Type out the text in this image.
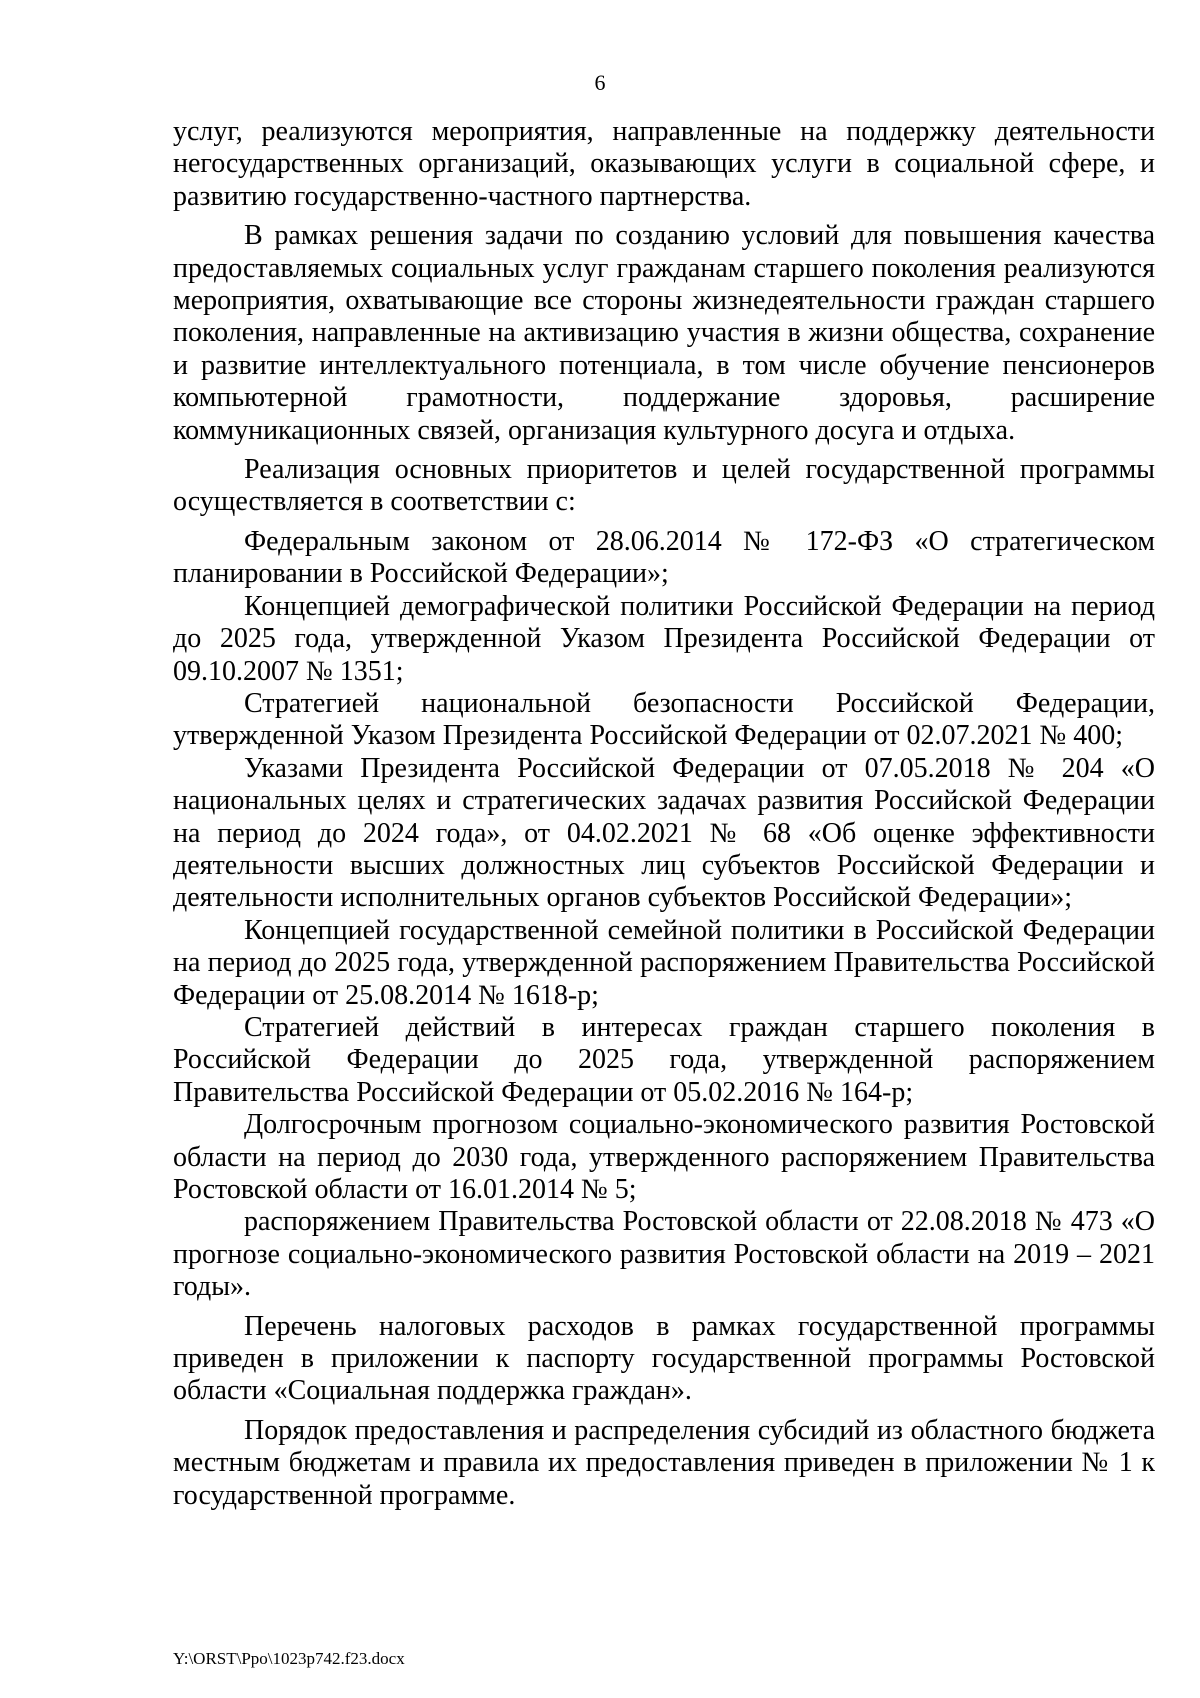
6

услуг, реализуются мероприятия, направленные на поддержку деятельности негосударственных организаций, оказывающих услуги в социальной сфере, и развитию государственно-частного партнерства.

В рамках решения задачи по созданию условий для повышения качества предоставляемых социальных услуг гражданам старшего поколения реализуются мероприятия, охватывающие все стороны жизнедеятельности граждан старшего поколения, направленные на активизацию участия в жизни общества, сохранение и развитие интеллектуального потенциала, в том числе обучение пенсионеров компьютерной грамотности, поддержание здоровья, расширение коммуникационных связей, организация культурного досуга и отдыха.

Реализация основных приоритетов и целей государственной программы осуществляется в соответствии с:

Федеральным законом от 28.06.2014 № 172-ФЗ «О стратегическом планировании в Российской Федерации»;

Концепцией демографической политики Российской Федерации на период до 2025 года, утвержденной Указом Президента Российской Федерации от 09.10.2007 № 1351;

Стратегией национальной безопасности Российской Федерации, утвержденной Указом Президента Российской Федерации от 02.07.2021 № 400;

Указами Президента Российской Федерации от 07.05.2018 № 204 «О национальных целях и стратегических задачах развития Российской Федерации на период до 2024 года», от 04.02.2021 № 68 «Об оценке эффективности деятельности высших должностных лиц субъектов Российской Федерации и деятельности исполнительных органов субъектов Российской Федерации»;

Концепцией государственной семейной политики в Российской Федерации на период до 2025 года, утвержденной распоряжением Правительства Российской Федерации от 25.08.2014 № 1618-р;

Стратегией действий в интересах граждан старшего поколения в Российской Федерации до 2025 года, утвержденной распоряжением Правительства Российской Федерации от 05.02.2016 № 164-р;

Долгосрочным прогнозом социально-экономического развития Ростовской области на период до 2030 года, утвержденного распоряжением Правительства Ростовской области от 16.01.2014 № 5;

распоряжением Правительства Ростовской области от 22.08.2018 № 473 «О прогнозе социально-экономического развития Ростовской области на 2019 – 2021 годы».

Перечень налоговых расходов в рамках государственной программы приведен в приложении к паспорту государственной программы Ростовской области «Социальная поддержка граждан».

Порядок предоставления и распределения субсидий из областного бюджета местным бюджетам и правила их предоставления приведен в приложении № 1 к государственной программе.

Y:\ORST\Ppo\1023p742.f23.docx
